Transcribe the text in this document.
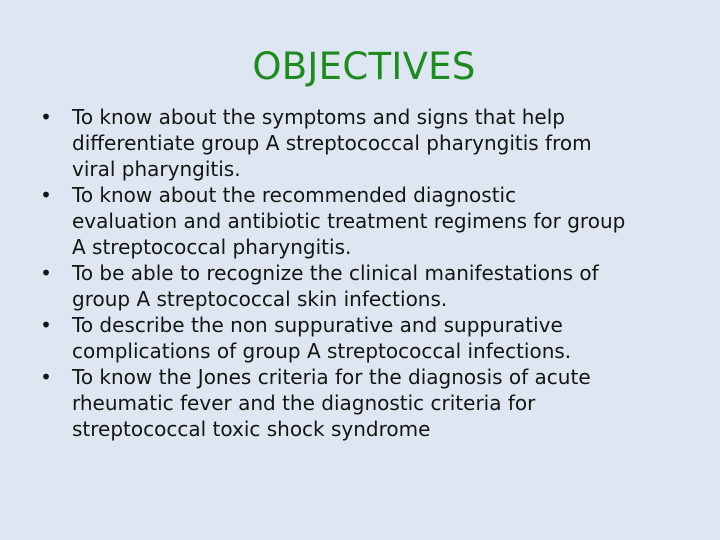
OBJECTIVES
• To know about the symptoms and signs that help
differentiate group A streptococcal pharyngitis from
viral pharyngitis.
• To know about the recommended diagnostic
evaluation and antibiotic treatment regimens for group
A streptococcal pharyngitis.
• To be able to recognize the clinical manifestations of
group A streptococcal skin infections.
• To describe the non suppurative and suppurative
complications of group A streptococcal infections.
• To know the Jones criteria for the diagnosis of acute
rheumatic fever and the diagnostic criteria for
streptococcal toxic shock syndrome
